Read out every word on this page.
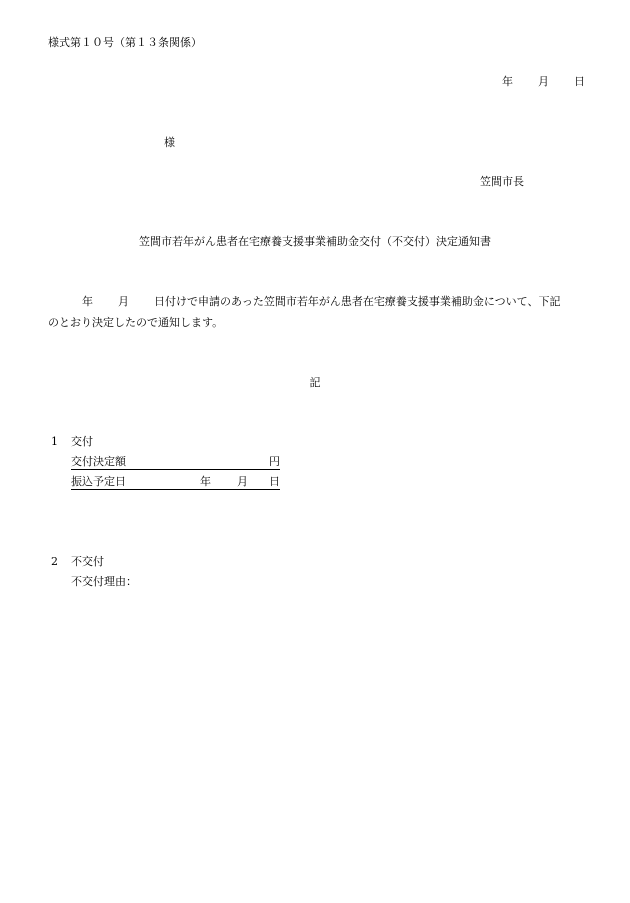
様式第１０号（第１３条関係）
年 月 日
様
笠間市長
笠間市若年がん患者在宅療養支援事業補助金交付（不交付）決定通知書
年 月 日付けで申請のあった笠間市若年がん患者在宅療養支援事業補助金について、下記
のとおり決定したので通知します。
記
1 交付
交付決定額	円
振込予定日	年 月 日
2 不交付
不交付理由：
